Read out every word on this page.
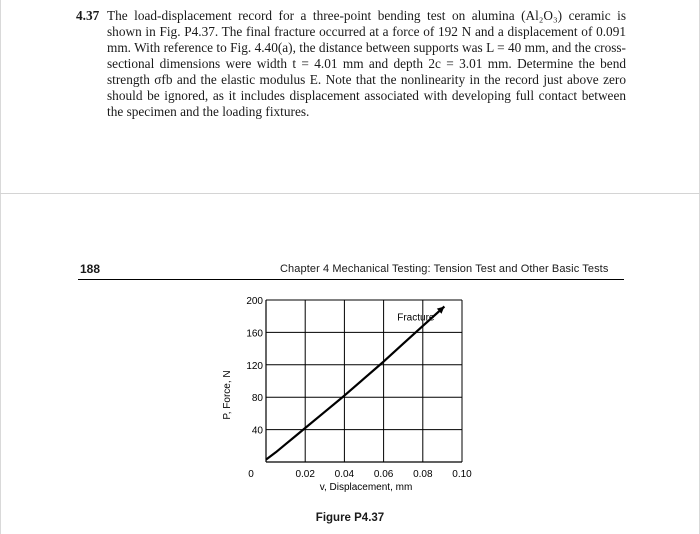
4.37 The load-displacement record for a three-point bending test on alumina (Al₂O₃) ceramic is shown in Fig. P4.37. The final fracture occurred at a force of 192 N and a displacement of 0.091 mm. With reference to Fig. 4.40(a), the distance between supports was L = 40 mm, and the cross-sectional dimensions were width t = 4.01 mm and depth 2c = 3.01 mm. Determine the bend strength σfb and the elastic modulus E. Note that the nonlinearity in the record just above zero should be ignored, as it includes displacement associated with developing full contact between the specimen and the loading fixtures.
188	Chapter 4 Mechanical Testing: Tension Test and Other Basic Tests
v, Displacement, mm
P, Force, N
0.02 0.04 0.06 0.08 0.10
40
80
120
160
200
0
Fracture
Figure P4.37
